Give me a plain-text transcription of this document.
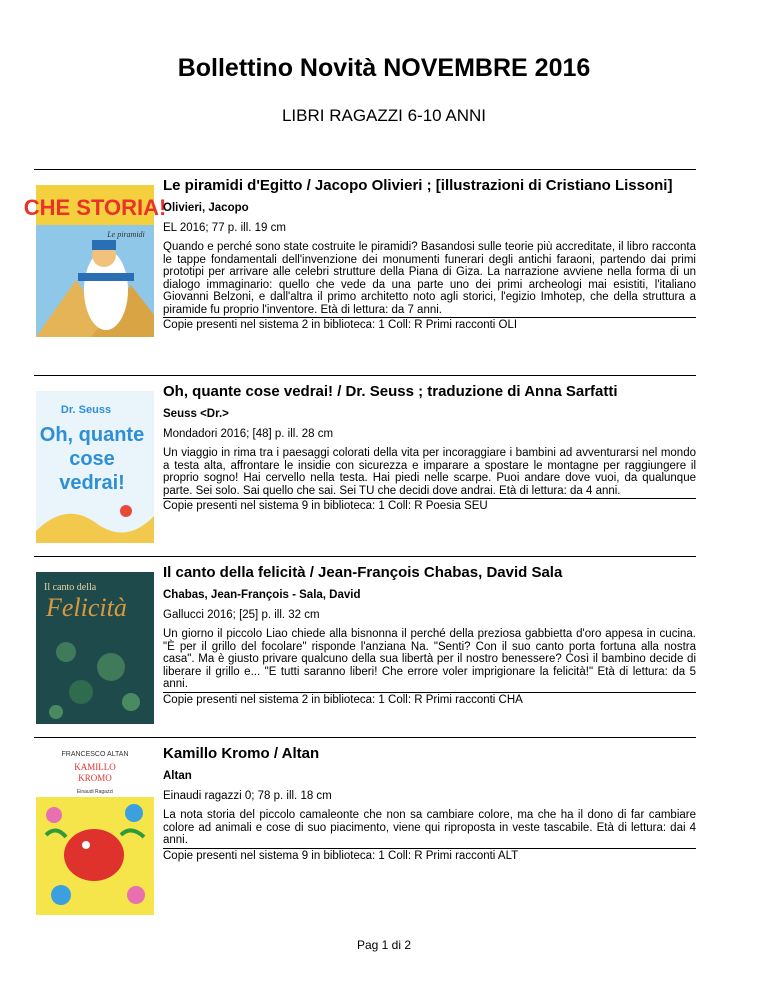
Bollettino Novità NOVEMBRE 2016
LIBRI RAGAZZI 6-10 ANNI
CHE STORIA!
Le piramidi

Le piramidi d'Egitto / Jacopo Olivieri ; [illustrazioni di Cristiano Lissoni]

Olivieri, Jacopo

EL 2016; 77 p. ill. 19 cm

Quando e perché sono state costruite le piramidi? Basandosi sulle teorie più accreditate, il libro racconta le tappe fondamentali dell'invenzione dei monumenti funerari degli antichi faraoni, partendo dai primi prototipi per arrivare alle celebri strutture della Piana di Giza. La narrazione avviene nella forma di un dialogo immaginario: quello che vede da una parte uno dei primi archeologi mai esistiti, l'italiano Giovanni Belzoni, e dall'altra il primo architetto noto agli storici, l'egizio Imhotep, che della struttura a piramide fu proprio l'inventore. Età di lettura: da 7 anni.

Copie presenti nel sistema 2 in biblioteca: 1 Coll: R Primi racconti OLI
Dr. Seuss
Oh, quante
cose
vedrai!

Oh, quante cose vedrai! / Dr. Seuss ; traduzione di Anna Sarfatti

Seuss <Dr.>

Mondadori 2016; [48] p. ill. 28 cm

Un viaggio in rima tra i paesaggi colorati della vita per incoraggiare i bambini ad avventurarsi nel mondo a testa alta, affrontare le insidie con sicurezza e imparare a spostare le montagne per raggiungere il proprio sogno! Hai cervello nella testa. Hai piedi nelle scarpe. Puoi andare dove vuoi, da qualunque parte. Sei solo. Sai quello che sai. Sei TU che decidi dove andrai. Età di lettura: da 4 anni.

Copie presenti nel sistema 9 in biblioteca: 1 Coll: R Poesia SEU
Il canto della
Felicità

Il canto della felicità / Jean-François Chabas, David Sala

Chabas, Jean-François - Sala, David

Gallucci 2016; [25] p. ill. 32 cm

Un giorno il piccolo Liao chiede alla bisnonna il perché della preziosa gabbietta d'oro appesa in cucina. "È per il grillo del focolare" risponde l'anziana Na. "Senti? Con il suo canto porta fortuna alla nostra casa". Ma è giusto privare qualcuno della sua libertà per il nostro benessere? Così il bambino decide di liberare il grillo e... "E tutti saranno liberi! Che errore voler imprigionare la felicità!" Età di lettura: da 5 anni.

Copie presenti nel sistema 2 in biblioteca: 1 Coll: R Primi racconti CHA
FRANCESCO ALTAN
KAMILLO
KROMO
Einaudi Ragazzi

Kamillo Kromo / Altan

Altan

Einaudi ragazzi 0; 78 p. ill. 18 cm

La nota storia del piccolo camaleonte che non sa cambiare colore, ma che ha il dono di far cambiare colore ad animali e cose di suo piacimento, viene qui riproposta in veste tascabile. Età di lettura: dai 4 anni.

Copie presenti nel sistema 9 in biblioteca: 1 Coll: R Primi racconti ALT
Pag 1 di 2
